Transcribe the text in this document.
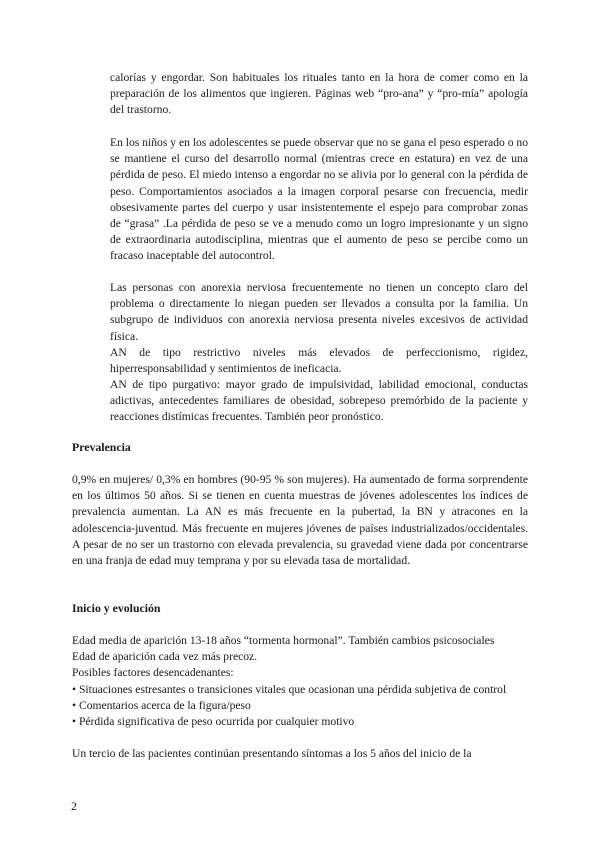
calorías y engordar. Son habituales los rituales tanto en la hora de comer como en la preparación de los alimentos que ingieren. Páginas web “pro-ana” y “pro-mía” apología del trastorno.

En los niños y en los adolescentes se puede observar que no se gana el peso esperado o no se mantiene el curso del desarrollo normal (mientras crece en estatura) en vez de una pérdida de peso. El miedo intenso a engordar no se alivia por lo general con la pérdida de peso. Comportamientos asociados a la imagen corporal pesarse con frecuencia, medir obsesivamente partes del cuerpo y usar insistentemente el espejo para comprobar zonas de “grasa” .La pérdida de peso se ve a menudo como un logro impresionante y un signo de extraordinaria autodisciplina, mientras que el aumento de peso se percibe como un fracaso inaceptable del autocontrol.

Las personas con anorexia nerviosa frecuentemente no tienen un concepto claro del problema o directamente lo niegan pueden ser llevados a consulta por la familia. Un subgrupo de individuos con anorexia nerviosa presenta niveles excesivos de actividad física.

AN de tipo restrictivo niveles más elevados de perfeccionismo, rigidez, hiperresponsabilidad y sentimientos de ineficacia.

AN de tipo purgativo: mayor grado de impulsividad, labilidad emocional, conductas adictivas, antecedentes familiares de obesidad, sobrepeso premórbido de la paciente y reacciones distímicas frecuentes. También peor pronóstico.

Prevalencia

0,9% en mujeres/ 0,3% en hombres (90-95 % son mujeres). Ha aumentado de forma sorprendente en los últimos 50 años. Si se tienen en cuenta muestras de jóvenes adolescentes los índices de prevalencia aumentan. La AN es más frecuente en la pubertad, la BN y atracones en la adolescencia-juventud. Más frecuente en mujeres jóvenes de países industrializados/occidentales. A pesar de no ser un trastorno con elevada prevalencia, su gravedad viene dada por concentrarse en una franja de edad muy temprana y por su elevada tasa de mortalidad.

Inicio y evolución

Edad media de aparición 13-18 años “tormenta hormonal”. También cambios psicosociales

Edad de aparición cada vez más precoz.

Posibles factores desencadenantes:

• Situaciones estresantes o transiciones vitales que ocasionan una pérdida subjetiva de control

• Comentarios acerca de la figura/peso

• Pérdida significativa de peso ocurrida por cualquier motivo

Un tercio de las pacientes continúan presentando síntomas a los 5 años del inicio de la

2
